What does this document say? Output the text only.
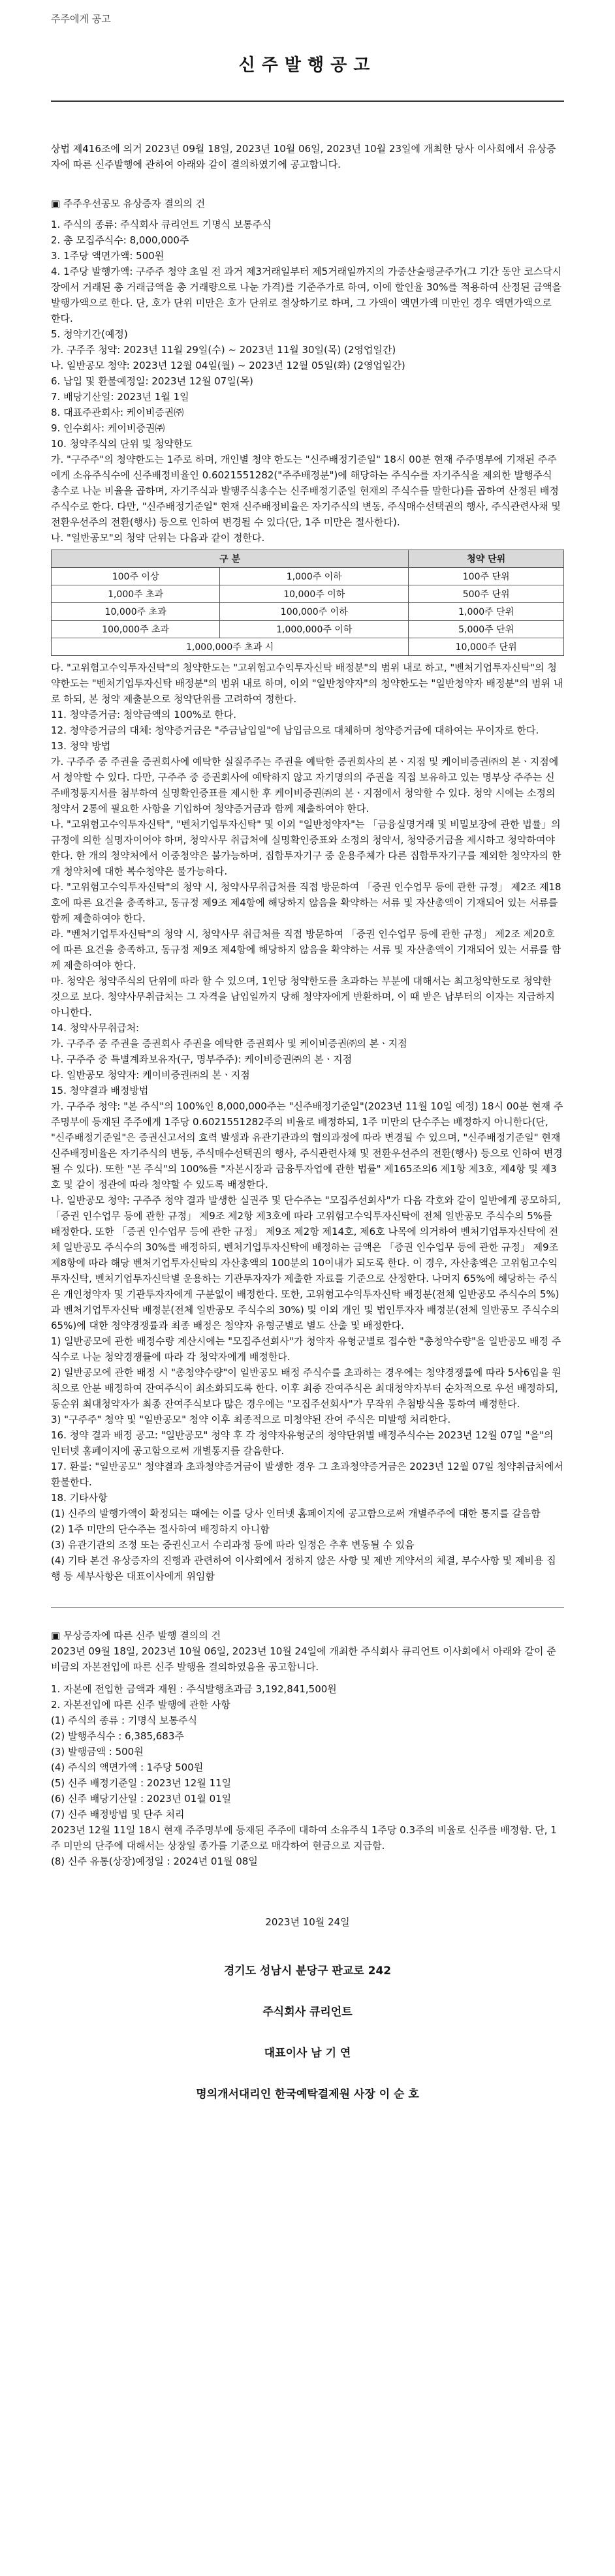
주주에게 공고
신주발행공고

상법 제416조에 의거 2023년 09월 18일, 2023년 10월 06일, 2023년 10월 23일에 개최한 당사 이사회에서 유상증자에 따른 신주발행에 관하여 아래와 같이 결의하였기에 공고합니다.

▣ 주주우선공모 유상증자 결의의 건

1. 주식의 종류: 주식회사 큐리언트 기명식 보통주식

2. 총 모집주식수: 8,000,000주

3. 1주당 액면가액: 500원

4. 1주당 발행가액: 구주주 청약 초일 전 과거 제3거래일부터 제5거래일까지의 가중산술평균주가(그 기간 동안 코스닥시장에서 거래된 총 거래금액을 총 거래량으로 나눈 가격)를 기준주가로 하여, 이에 할인율 30%를 적용하여 산정된 금액을 발행가액으로 한다. 단, 호가 단위 미만은 호가 단위로 절상하기로 하며, 그 가액이 액면가액 미만인 경우 액면가액으로 한다.

5. 청약기간(예정)

가. 구주주 청약: 2023년 11월 29일(수) ~ 2023년 11월 30일(목) (2영업일간)

나. 일반공모 청약: 2023년 12월 04일(월) ~ 2023년 12월 05일(화) (2영업일간)

6. 납입 및 환불예정일: 2023년 12월 07일(목)

7. 배당기산일: 2023년 1월 1일

8. 대표주관회사: 케이비증권㈜

9. 인수회사: 케이비증권㈜

10. 청약주식의 단위 및 청약한도

가. "구주주"의 청약한도는 1주로 하며, 개인별 청약 한도는 "신주배정기준일" 18시 00분 현재 주주명부에 기재된 주주에게 소유주식수에 신주배정비율인 0.6021551282("주주배정분")에 해당하는 주식수를 자기주식을 제외한 발행주식 총수로 나눈 비율을 곱하며, 자기주식과 발행주식총수는 신주배정기준일 현재의 주식수를 말한다)를 곱하여 산정된 배정주식수로 한다. 다만, "신주배정기준일" 현재 신주배정비율은 자기주식의 변동, 주식매수선택권의 행사, 주식관련사채 및 전환우선주의 전환(행사) 등으로 인하여 변경될 수 있다(단, 1주 미만은 절사한다).

나. "일반공모"의 청약 단위는 다음과 같이 정한다.

구 분		청약 단위
100주 이상	1,000주 이하	100주 단위
1,000주 초과	10,000주 이하	500주 단위
10,000주 초과	100,000주 이하	1,000주 단위
100,000주 초과	1,000,000주 이하	5,000주 단위
1,000,000주 초과 시		10,000주 단위

다. "고위험고수익투자신탁"의 청약한도는 "고위험고수익투자신탁 배정분"의 범위 내로 하고, "벤처기업투자신탁"의 청약한도는 "벤처기업투자신탁 배정분"의 범위 내로 하며, 이외 "일반청약자"의 청약한도는 "일반청약자 배정분"의 범위 내로 하되, 본 청약 제출분으로 청약단위를 고려하여 정한다.

11. 청약증거금: 청약금액의 100%로 한다.

12. 청약증거금의 대체: 청약증거금은 "주금납입일"에 납입금으로 대체하며 청약증거금에 대하여는 무이자로 한다.

13. 청약 방법

가. 구주주 중 주권을 증권회사에 예탁한 실질주주는 주권을 예탁한 증권회사의 본ㆍ지점 및 케이비증권㈜의 본ㆍ지점에서 청약할 수 있다. 다만, 구주주 중 증권회사에 예탁하지 않고 자기명의의 주권을 직접 보유하고 있는 명부상 주주는 신주배정통지서를 첨부하여 실명확인증표를 제시한 후 케이비증권㈜의 본ㆍ지점에서 청약할 수 있다. 청약 시에는 소정의 청약서 2통에 필요한 사항을 기입하여 청약증거금과 함께 제출하여야 한다.

나. "고위험고수익투자신탁", "벤처기업투자신탁" 및 이외 "일반청약자"는 「금융실명거래 및 비밀보장에 관한 법률」의 규정에 의한 실명자이어야 하며, 청약사무 취급처에 실명확인증표와 소정의 청약서, 청약증거금을 제시하고 청약하여야 한다. 한 개의 청약처에서 이중청약은 불가능하며, 집합투자기구 중 운용주체가 다른 집합투자기구를 제외한 청약자의 한 개 청약처에 대한 복수청약은 불가능하다.

다. "고위험고수익투자신탁"의 청약 시, 청약사무취급처를 직접 방문하여 「증권 인수업무 등에 관한 규정」 제2조 제18호에 따른 요건을 충족하고, 동규정 제9조 제4항에 해당하지 않음을 확약하는 서류 및 자산총액이 기재되어 있는 서류를 함께 제출하여야 한다.

라. "벤처기업투자신탁"의 청약 시, 청약사무 취급처를 직접 방문하여 「증권 인수업무 등에 관한 규정」 제2조 제20호에 따른 요건을 충족하고, 동규정 제9조 제4항에 해당하지 않음을 확약하는 서류 및 자산총액이 기재되어 있는 서류를 함께 제출하여야 한다.

마. 청약은 청약주식의 단위에 따라 할 수 있으며, 1인당 청약한도를 초과하는 부분에 대해서는 최고청약한도로 청약한 것으로 보다. 청약사무취급처는 그 자격을 납입일까지 당해 청약자에게 반환하며, 이 때 받은 납부터의 이자는 지급하지 아니한다.

14. 청약사무취급처:

가. 구주주 중 주권을 증권회사 주권을 예탁한 증권회사 및 케이비증권㈜의 본ㆍ지점

나. 구주주 중 특별계좌보유자(구, 명부주주): 케이비증권㈜의 본ㆍ지점

다. 일반공모 청약자: 케이비증권㈜의 본ㆍ지점

15. 청약결과 배정방법

가. 구주주 청약: "본 주식"의 100%인 8,000,000주는 "신주배정기준일"(2023년 11월 10일 예정) 18시 00분 현재 주주명부에 등재된 주주에게 1주당 0.6021551282주의 비율로 배정하되, 1주 미만의 단수주는 배정하지 아니한다(단, "신주배정기준일"은 증권신고서의 효력 발생과 유관기관과의 협의과정에 따라 변경될 수 있으며, "신주배정기준일" 현재 신주배정비율은 자기주식의 변동, 주식매수선택권의 행사, 주식관련사채 및 전환우선주의 전환(행사) 등으로 인하여 변경될 수 있다). 또한 "본 주식"의 100%를 "자본시장과 금융투자업에 관한 법률" 제165조의6 제1항 제3호, 제4항 및 제3호 및 같이 정관에 따라 청약할 수 있도록 배정한다.

나. 일반공모 청약: 구주주 청약 결과 발생한 실권주 및 단수주는 "모집주선회사"가 다음 각호와 같이 일반에게 공모하되, 「증권 인수업무 등에 관한 규정」 제9조 제2항 제3호에 따라 고위험고수익투자신탁에 전체 일반공모 주식수의 5%를 배정한다. 또한 「증권 인수업무 등에 관한 규정」 제9조 제2항 제14호, 제6호 나목에 의거하여 벤처기업투자신탁에 전체 일반공모 주식수의 30%를 배정하되, 벤처기업투자신탁에 배정하는 금액은 「증권 인수업무 등에 관한 규정」 제9조 제8항에 따라 해당 벤처기업투자신탁의 자산총액의 100분의 10이내가 되도록 한다. 이 경우, 자산총액은 고위험고수익투자신탁, 벤처기업투자신탁별 운용하는 기관투자자가 제출한 자료를 기준으로 산정한다. 나머지 65%에 해당하는 주식은 개인청약자 및 기관투자자에게 구분없이 배정한다. 또한, 고위험고수익투자신탁 배정분(전체 일반공모 주식수의 5%)과 벤처기업투자신탁 배정분(전체 일반공모 주식수의 30%) 및 이외 개인 및 법인투자자 배정분(전체 일반공모 주식수의 65%)에 대한 청약경쟁률과 최종 배정은 청약자 유형군별로 별도 산출 및 배정한다.

1) 일반공모에 관한 배정수량 계산시에는 "모집주선회사"가 청약자 유형군별로 접수한 "총청약수량"을 일반공모 배정 주식수로 나눈 청약경쟁률에 따라 각 청약자에게 배정한다.

2) 일반공모에 관한 배정 시 "총청약수량"이 일반공모 배정 주식수를 초과하는 경우에는 청약경쟁률에 따라 5사6입을 원칙으로 안분 배정하여 잔여주식이 최소화되도록 한다. 이후 최종 잔여주식은 최대청약자부터 순차적으로 우선 배정하되, 동순위 최대청약자가 최종 잔여주식보다 많은 경우에는 "모집주선회사"가 무작위 추첨방식을 통하여 배정한다.

3) "구주주" 청약 및 "일반공모" 청약 이후 최종적으로 미청약된 잔여 주식은 미발행 처리한다.

16. 청약 결과 배정 공고: "일반공모" 청약 후 각 청약자유형군의 청약단위별 배정주식수는 2023년 12월 07일 "을"의 인터넷 홈페이지에 공고함으로써 개별통지를 갈음한다.

17. 환불: "일반공모" 청약결과 초과청약증거금이 발생한 경우 그 초과청약증거금은 2023년 12월 07일 청약취급처에서 환불한다.

18. 기타사항

(1) 신주의 발행가액이 확정되는 때에는 이를 당사 인터넷 홈페이지에 공고함으로써 개별주주에 대한 통지를 갈음함

(2) 1주 미만의 단수주는 절사하여 배정하지 아니함

(3) 유관기관의 조정 또는 증권신고서 수리과정 등에 따라 일정은 추후 변동될 수 있음

(4) 기타 본건 유상증자의 진행과 관련하여 이사회에서 정하지 않은 사항 및 제반 계약서의 체결, 부수사항 및 제비용 집행 등 세부사항은 대표이사에게 위임함

▣ 무상증자에 따른 신주 발행 결의의 건

2023년 09월 18일, 2023년 10월 06일, 2023년 10월 24일에 개최한 주식회사 큐리언트 이사회에서 아래와 같이 준비금의 자본전입에 따른 신주 발행을 결의하였음을 공고합니다.

1. 자본에 전입한 금액과 재원 : 주식발행초과금 3,192,841,500원

2. 자본전입에 따른 신주 발행에 관한 사항

(1) 주식의 종류 : 기명식 보통주식

(2) 발행주식수 : 6,385,683주

(3) 발행금액 : 500원

(4) 주식의 액면가액 : 1주당 500원

(5) 신주 배정기준일 : 2023년 12월 11일

(6) 신주 배당기산일 : 2023년 01월 01일

(7) 신주 배정방법 및 단주 처리

2023년 12월 11일 18시 현재 주주명부에 등재된 주주에 대하여 소유주식 1주당 0.3주의 비율로 신주를 배정함. 단, 1주 미만의 단주에 대해서는 상장일 종가를 기준으로 매각하여 현금으로 지급함.

(8) 신주 유통(상장)예정일 : 2024년 01월 08일

2023년 10월 24일

경기도 성남시 분당구 판교로 242

주식회사 큐리언트

대표이사 남 기 연

명의개서대리인 한국예탁결제원 사장 이 순 호
